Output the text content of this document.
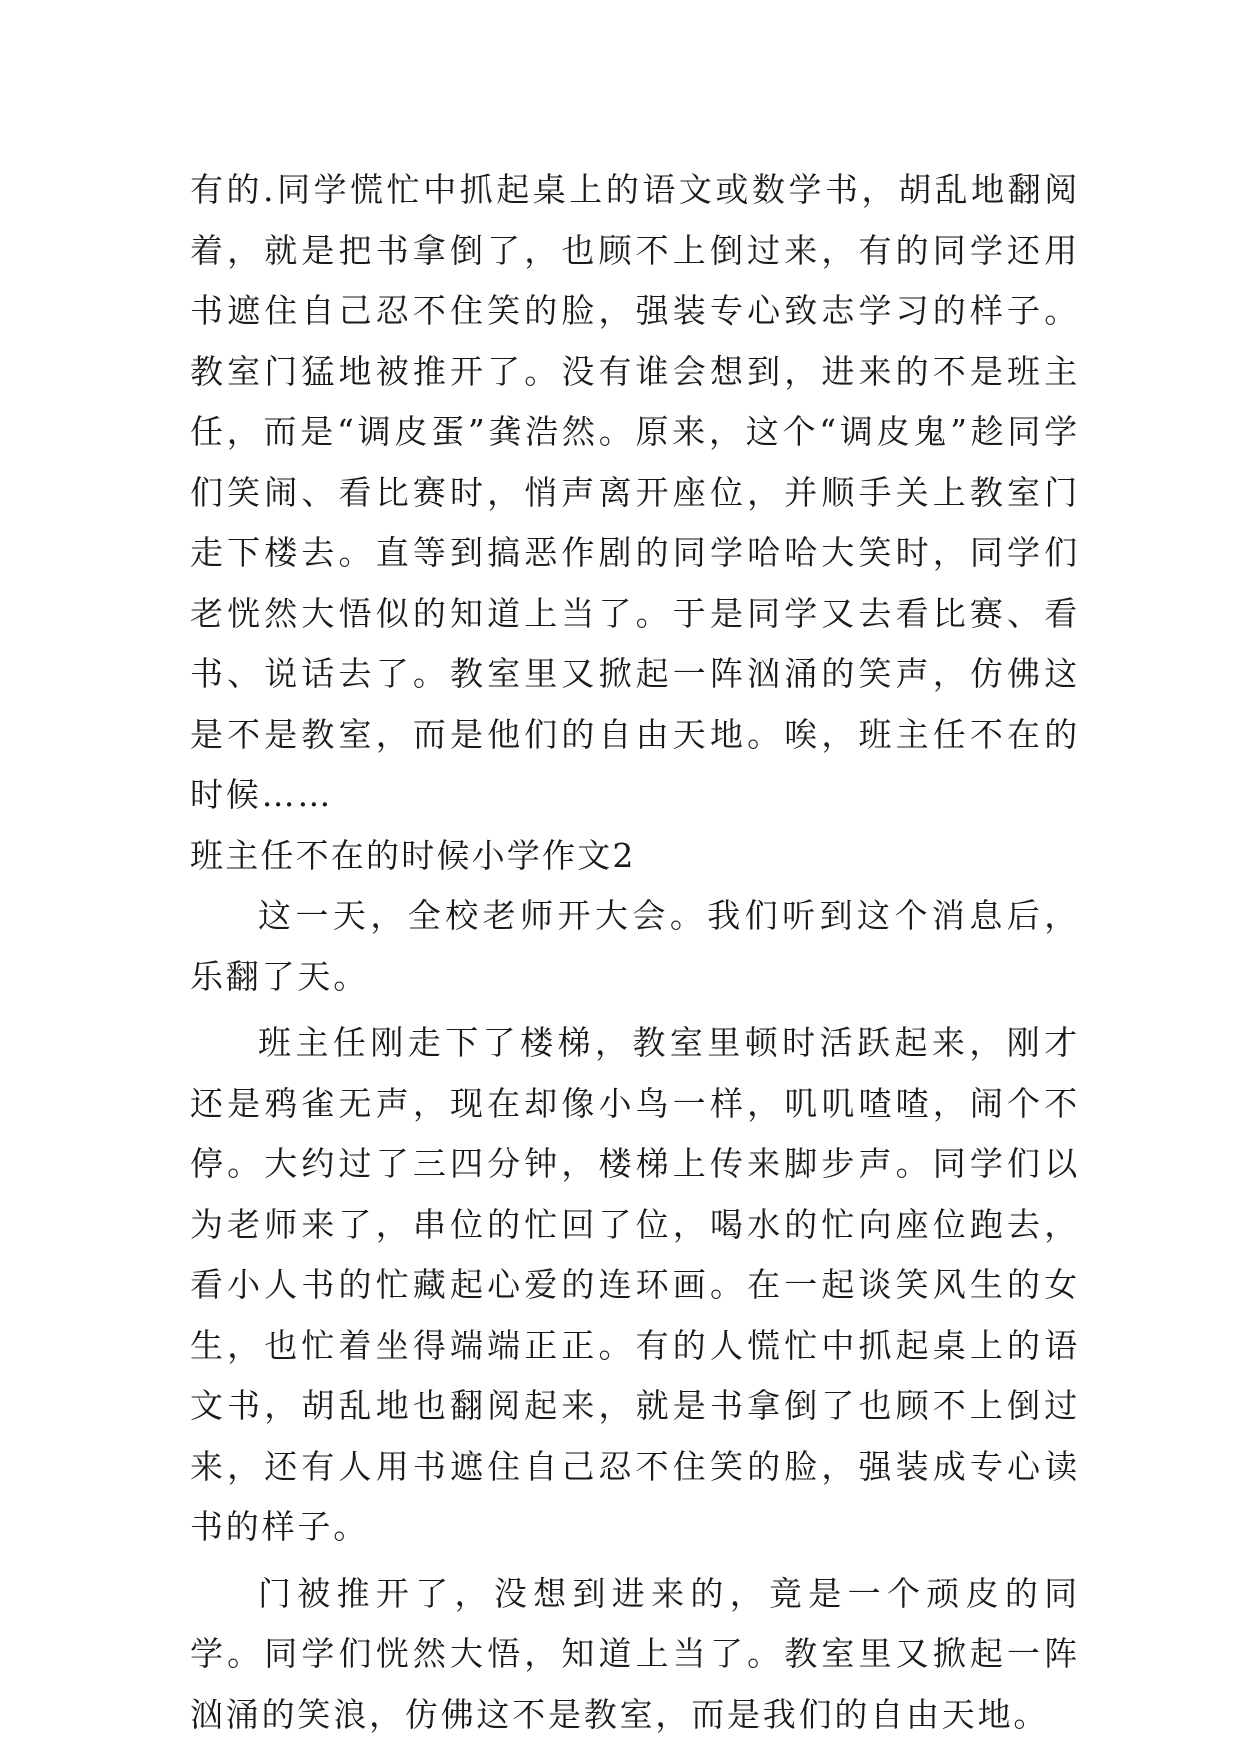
有的.同学慌忙中抓起桌上的语文或数学书，胡乱地翻阅着，就是把书拿倒了，也顾不上倒过来，有的同学还用书遮住自己忍不住笑的脸，强装专心致志学习的样子。教室门猛地被推开了。没有谁会想到，进来的不是班主任，而是“调皮蛋”龚浩然。原来，这个“调皮鬼”趁同学们笑闹、看比赛时，悄声离开座位，并顺手关上教室门走下楼去。直等到搞恶作剧的同学哈哈大笑时，同学们老恍然大悟似的知道上当了。于是同学又去看比赛、看书、说话去了。教室里又掀起一阵汹涌的笑声，仿佛这是不是教室，而是他们的自由天地。唉，班主任不在的时候……

班主任不在的时候小学作文2

这一天，全校老师开大会。我们听到这个消息后，乐翻了天。

班主任刚走下了楼梯，教室里顿时活跃起来，刚才还是鸦雀无声，现在却像小鸟一样，叽叽喳喳，闹个不停。大约过了三四分钟，楼梯上传来脚步声。同学们以为老师来了，串位的忙回了位，喝水的忙向座位跑去，看小人书的忙藏起心爱的连环画。在一起谈笑风生的女生，也忙着坐得端端正正。有的人慌忙中抓起桌上的语文书，胡乱地也翻阅起来，就是书拿倒了也顾不上倒过来，还有人用书遮住自己忍不住笑的脸，强装成专心读书的样子。

门被推开了，没想到进来的，竟是一个顽皮的同学。同学们恍然大悟，知道上当了。教室里又掀起一阵汹涌的笑浪，仿佛这不是教室，而是我们的自由天地。
